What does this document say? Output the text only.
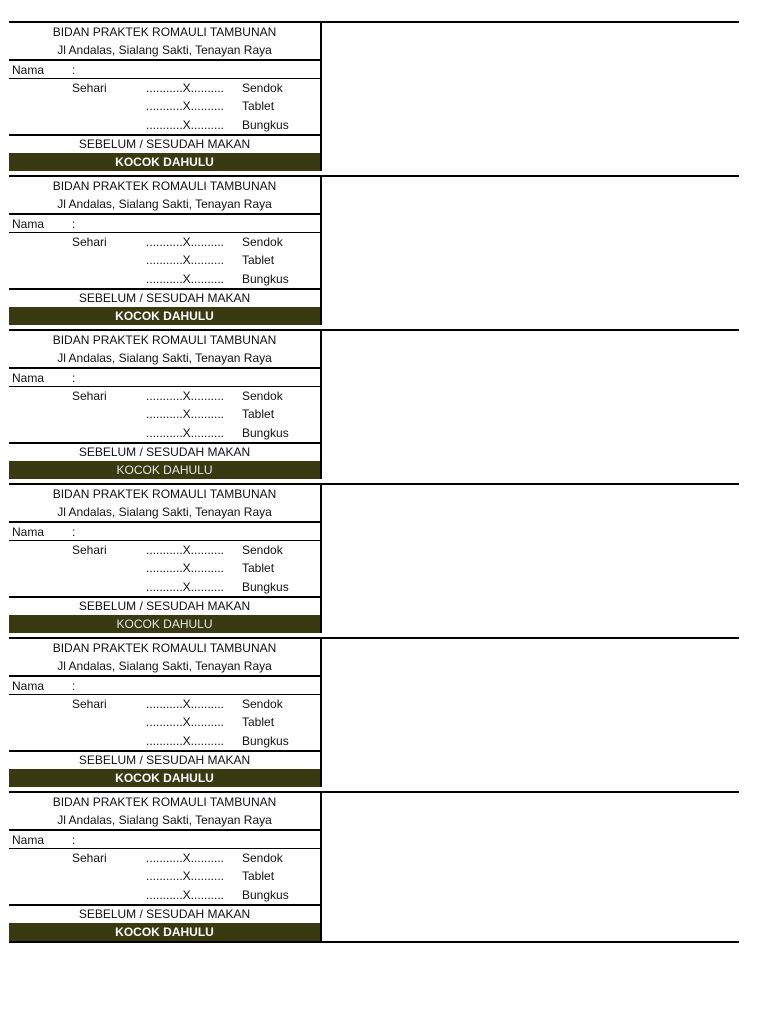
BIDAN PRAKTEK ROMAULI TAMBUNAN
Jl Andalas, Sialang Sakti, Tenayan Raya
Nama :
Sehari	...........X.......... Sendok
...........X.......... Tablet
...........X.......... Bungkus
SEBELUM / SESUDAH MAKAN
KOCOK DAHULU
BIDAN PRAKTEK ROMAULI TAMBUNAN
Jl Andalas, Sialang Sakti, Tenayan Raya
Nama :
Sehari	...........X.......... Sendok
...........X.......... Tablet
...........X.......... Bungkus
SEBELUM / SESUDAH MAKAN
KOCOK DAHULU
BIDAN PRAKTEK ROMAULI TAMBUNAN
Jl Andalas, Sialang Sakti, Tenayan Raya
Nama :
Sehari	...........X.......... Sendok
...........X.......... Tablet
...........X.......... Bungkus
SEBELUM / SESUDAH MAKAN
KOCOK DAHULU
BIDAN PRAKTEK ROMAULI TAMBUNAN
Jl Andalas, Sialang Sakti, Tenayan Raya
Nama :
Sehari	...........X.......... Sendok
...........X.......... Tablet
...........X.......... Bungkus
SEBELUM / SESUDAH MAKAN
KOCOK DAHULU
BIDAN PRAKTEK ROMAULI TAMBUNAN
Jl Andalas, Sialang Sakti, Tenayan Raya
Nama :
Sehari	...........X.......... Sendok
...........X.......... Tablet
...........X.......... Bungkus
SEBELUM / SESUDAH MAKAN
KOCOK DAHULU
BIDAN PRAKTEK ROMAULI TAMBUNAN
Jl Andalas, Sialang Sakti, Tenayan Raya
Nama :
Sehari	...........X.......... Sendok
...........X.......... Tablet
...........X.......... Bungkus
SEBELUM / SESUDAH MAKAN
KOCOK DAHULU
